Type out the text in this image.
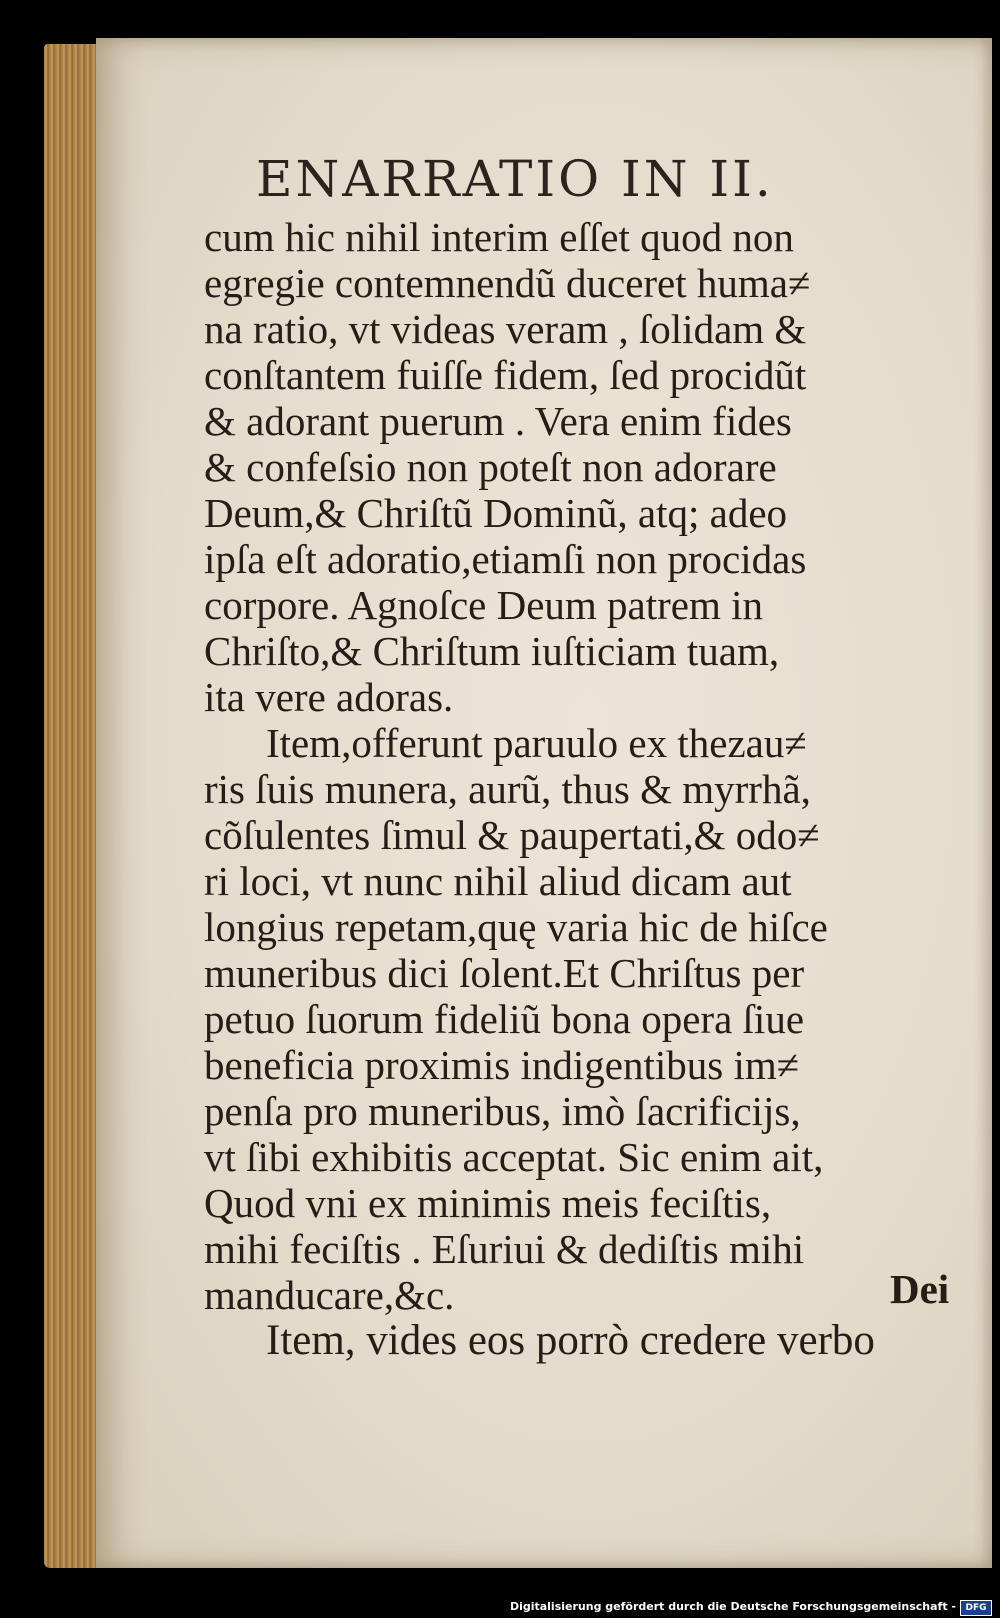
ENARRATIO IN II.
cum hic nihil interim eſſet quod non
egregie contemnendũ duceret huma≠
na ratio, vt videas veram , ſolidam &
conſtantem fuiſſe fidem, ſed procidũt
& adorant puerum . Vera enim fides
& confeſsio non poteſt non adorare
Deum,& Chriſtũ Dominũ, atq; adeo
ipſa eſt adoratio,etiamſi non procidas
corpore. Agnoſce Deum patrem in
Chriſto,& Chriſtum iuſticiam tuam,
ita vere adoras.
Item,offerunt paruulo ex thezau≠
ris ſuis munera, aurũ, thus & myrrhã,
cõſulentes ſimul & paupertati,& odo≠
ri loci, vt nunc nihil aliud dicam aut
longius repetam,quę varia hic de hiſce
muneribus dici ſolent.Et Chriſtus per
petuo ſuorum fideliũ bona opera ſiue
beneficia proximis indigentibus im≠
penſa pro muneribus, imò ſacrificijs,
vt ſibi exhibitis acceptat. Sic enim ait,
Quod vni ex minimis meis feciſtis,
mihi feciſtis . Eſuriui & dediſtis mihi
manducare,&c.
Item, vides eos porrò credere verbo
Dei
Digitalisierung gefördert durch die Deutsche Forschungsgemeinschaft -	DFG
